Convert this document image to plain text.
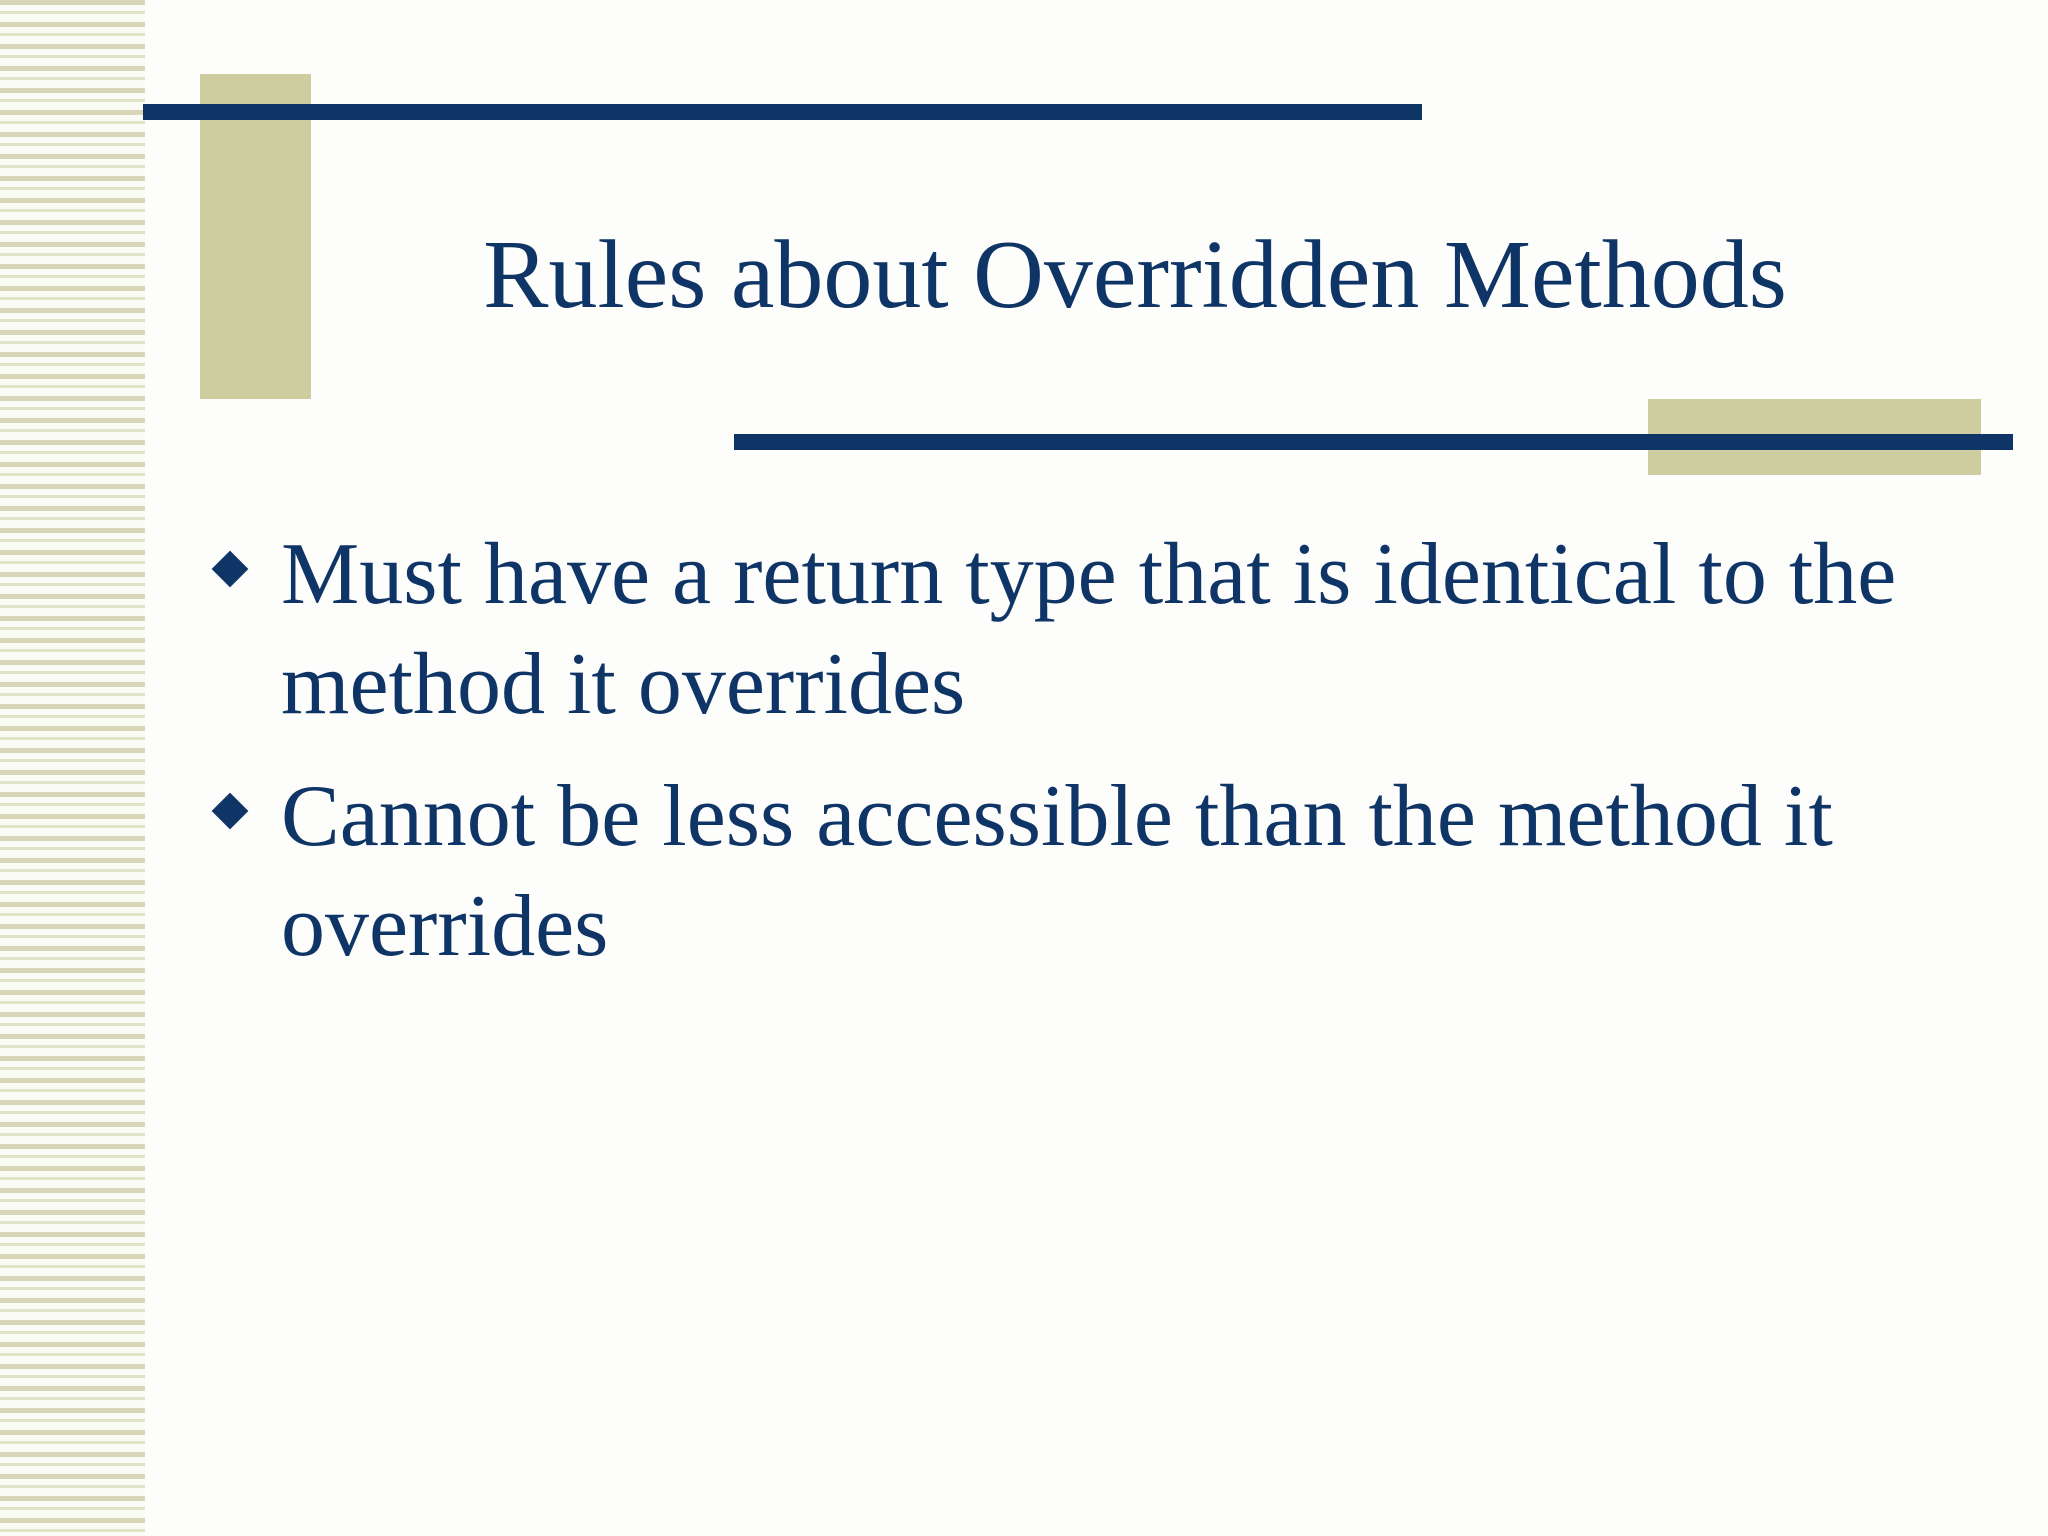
Rules about Overridden Methods
Must have a return type that is identical to the method it overrides
Cannot be less accessible than the method it overrides
